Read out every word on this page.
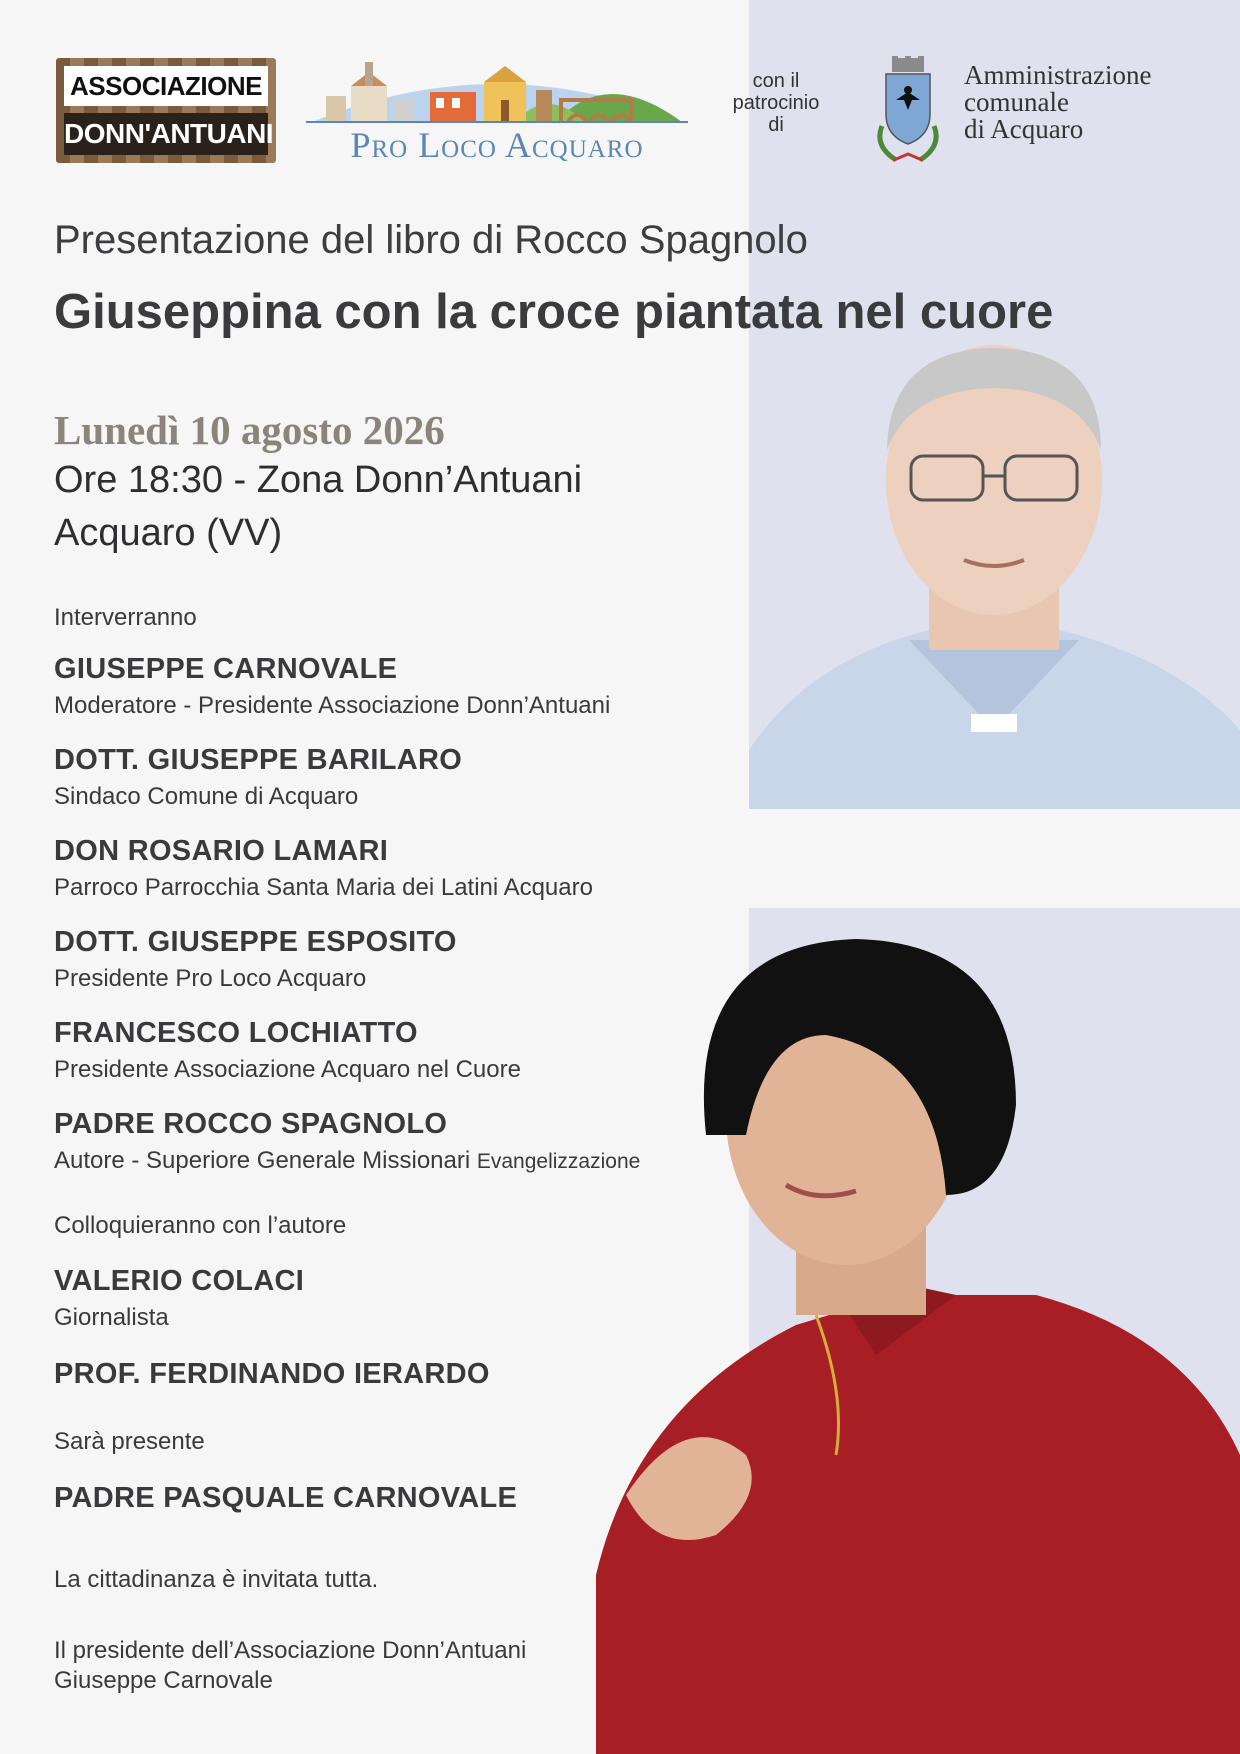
ASSOCIAZIONE
DONN'ANTUANI	Pro Loco Acquaro
con il
patrocinio
di
Amministrazione
comunale
di Acquaro
Presentazione del libro di Rocco Spagnolo
Giuseppina con la croce piantata nel cuore
Lunedì 10 agosto 2026
Ore 18:30 - Zona Donn’Antuani
Acquaro (VV)
Interverranno
GIUSEPPE CARNOVALE
Moderatore - Presidente Associazione Donn’Antuani
DOTT. GIUSEPPE BARILARO
Sindaco Comune di Acquaro
DON ROSARIO LAMARI
Parroco Parrocchia Santa Maria dei Latini Acquaro
DOTT. GIUSEPPE ESPOSITO
Presidente Pro Loco Acquaro
FRANCESCO LOCHIATTO
Presidente Associazione Acquaro nel Cuore
PADRE ROCCO SPAGNOLO
Autore - Superiore Generale Missionari Evangelizzazione
Colloquieranno con l’autore
VALERIO COLACI
Giornalista
PROF. FERDINANDO IERARDO
Sarà presente
PADRE PASQUALE CARNOVALE
La cittadinanza è invitata tutta.
Il presidente dell’Associazione Donn’Antuani
Giuseppe Carnovale
